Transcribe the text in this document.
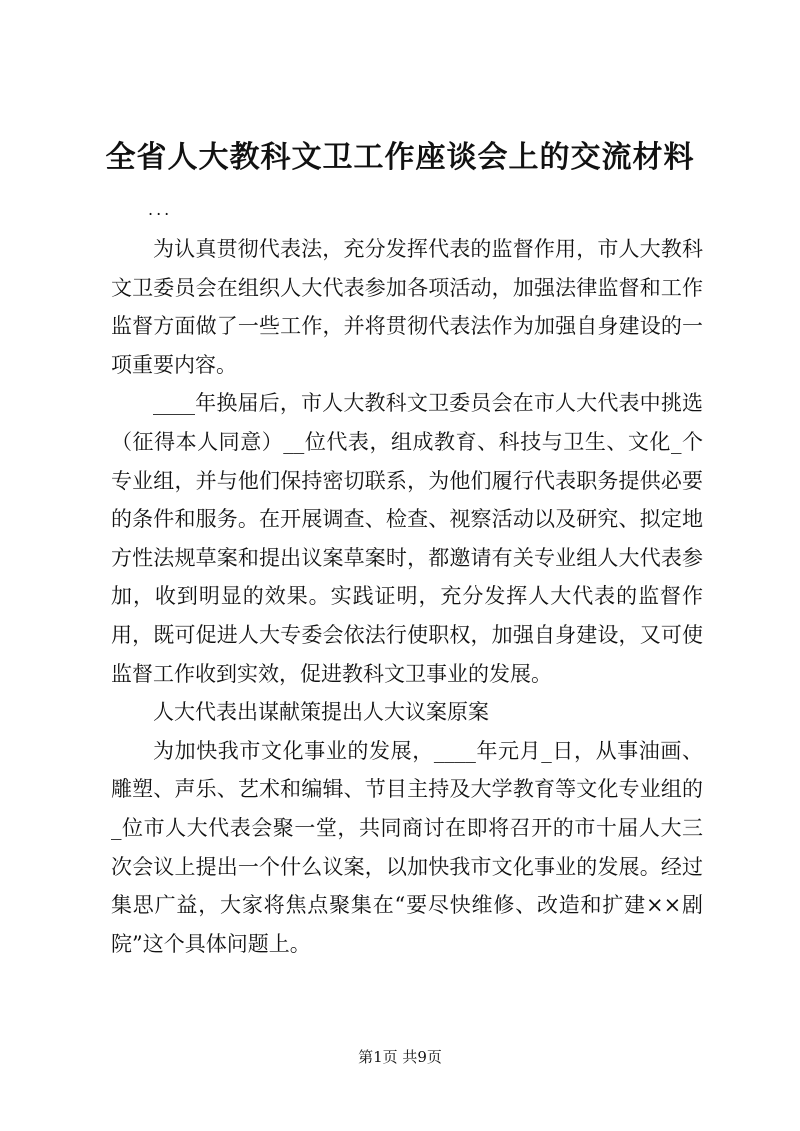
全省人大教科文卫工作座谈会上的交流材料
...

为认真贯彻代表法，充分发挥代表的监督作用，市人大教科文卫委员会在组织人大代表参加各项活动，加强法律监督和工作监督方面做了一些工作，并将贯彻代表法作为加强自身建设的一项重要内容。

____年换届后，市人大教科文卫委员会在市人大代表中挑选（征得本人同意）__位代表，组成教育、科技与卫生、文化_个专业组，并与他们保持密切联系，为他们履行代表职务提供必要的条件和服务。在开展调查、检查、视察活动以及研究、拟定地方性法规草案和提出议案草案时，都邀请有关专业组人大代表参加，收到明显的效果。实践证明，充分发挥人大代表的监督作用，既可促进人大专委会依法行使职权，加强自身建设，又可使监督工作收到实效，促进教科文卫事业的发展。

人大代表出谋献策提出人大议案原案

为加快我市文化事业的发展，____年元月_日，从事油画、雕塑、声乐、艺术和编辑、节目主持及大学教育等文化专业组的_位市人大代表会聚一堂，共同商讨在即将召开的市十届人大三次会议上提出一个什么议案，以加快我市文化事业的发展。经过集思广益，大家将焦点聚集在“要尽快维修、改造和扩建××剧院”这个具体问题上。

第1页 共9页
